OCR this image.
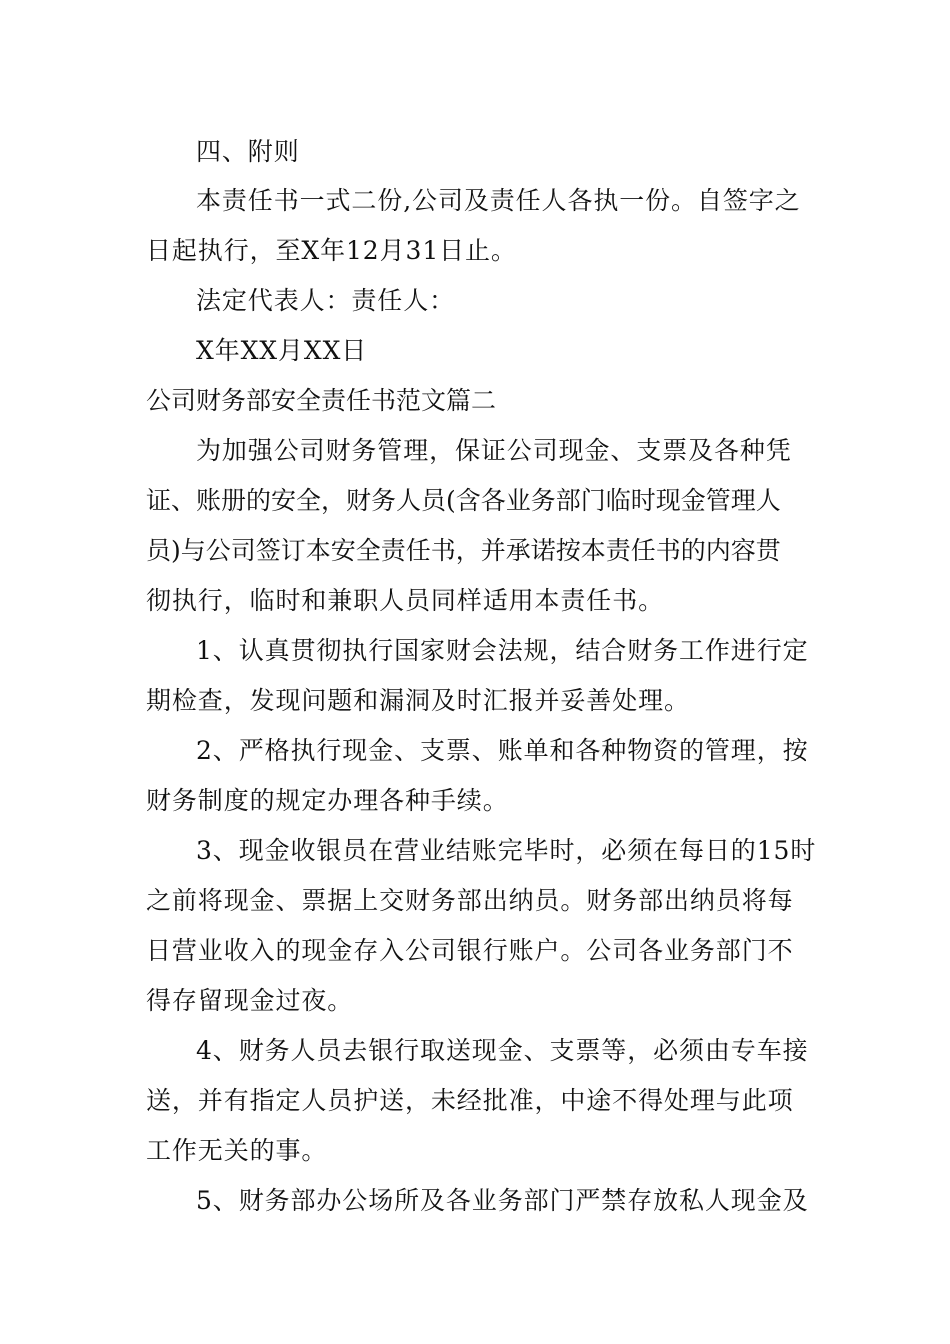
四、附则
本责任书一式二份,公司及责任人各执一份。自签字之
日起执行，至X年12月31日止。
法定代表人：责任人：
X年XX月XX日
公司财务部安全责任书范文篇二
为加强公司财务管理，保证公司现金、支票及各种凭
证、账册的安全，财务人员(含各业务部门临时现金管理人
员)与公司签订本安全责任书，并承诺按本责任书的内容贯
彻执行，临时和兼职人员同样适用本责任书。
1、认真贯彻执行国家财会法规，结合财务工作进行定
期检查，发现问题和漏洞及时汇报并妥善处理。
2、严格执行现金、支票、账单和各种物资的管理，按
财务制度的规定办理各种手续。
3、现金收银员在营业结账完毕时，必须在每日的15时
之前将现金、票据上交财务部出纳员。财务部出纳员将每
日营业收入的现金存入公司银行账户。公司各业务部门不
得存留现金过夜。
4、财务人员去银行取送现金、支票等，必须由专车接
送，并有指定人员护送，未经批准，中途不得处理与此项
工作无关的事。
5、财务部办公场所及各业务部门严禁存放私人现金及
